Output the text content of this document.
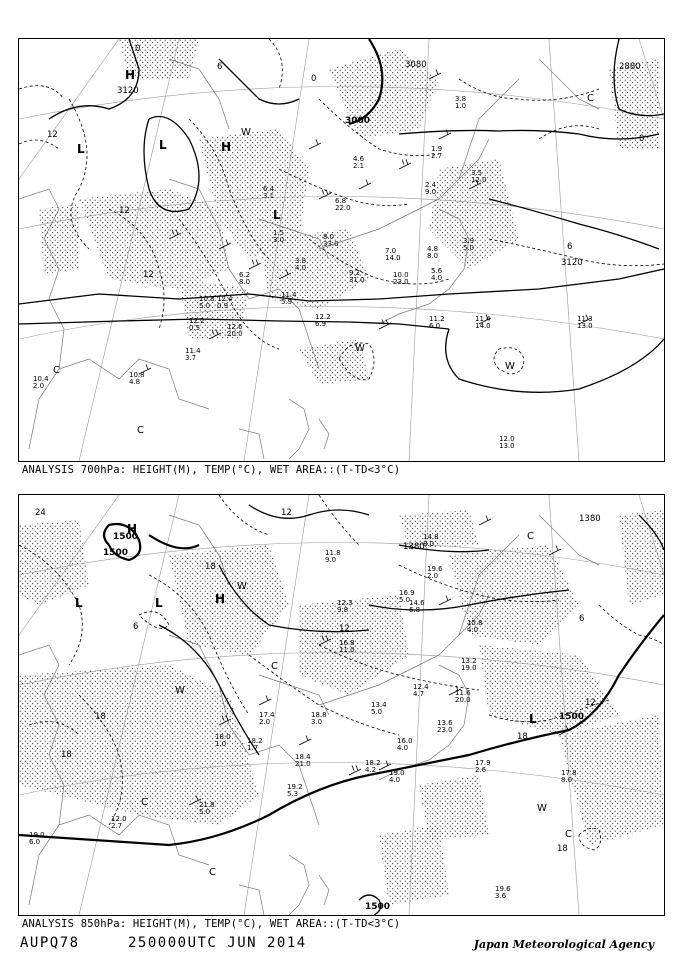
3000
3120
3120
2880
3080
12
12
12
0
0
0
6
6
H
H
L	L
L
W
W
W
C
C
C
11.2
6.0
11.4
14.0
11.3
13.0
12.0
13.0
10.4
2.0
10.8
4.8
11.4
3.7
12.2
0.5
12.4
0.9
11.4
5.9
12.2
6.9
9.2
31.0
8.0
33.0
6.8
22.0
4.6
2.1
3.5
12.0
2.4
9.0
4.8
8.0
3.9
5.0
5.6
4.0
1.9
2.7
3.8
1.0
10.0
23.0
7.0
14.0
6.4
3.1
1.5
3.0
3.8
4.0
6.2
8.0
12.6
20.0
10.8
5.0
ANALYSIS 700hPa: HEIGHT(M), TEMP(°C), WET AREA::(T-TD<3°C)
1500
1500
1380
1380
1500
1500
24
18
18
18
18
18
12
12
12
6
6
H
H
L	L
L
W
W
W
C
C
C
C
C
17.9
2.6	17.8
8.0
19.6
3.6
19.0
6.0
19.0
4.0
16.8
11.0
16.0
4.0
13.4
5.0
13.6
23.0
11.6
20.0
12.4
4.7
13.2
19.0
15.8
4.0
14.6
6.8
12.3
9.8
11.8
9.0
16.9
5.0
18.8
3.0
18.4
21.0
19.2
5.3
18.2
1.7
17.4
2.0
21.8
5.0
18.0
1.0
12.0
2.7
14.8
8.0
19.6
2.0
18.2
4.2
ANALYSIS 850hPa: HEIGHT(M), TEMP(°C), WET AREA::(T-TD<3°C)
AUPQ78	250000UTC JUN 2014	Japan Meteorological Agency
